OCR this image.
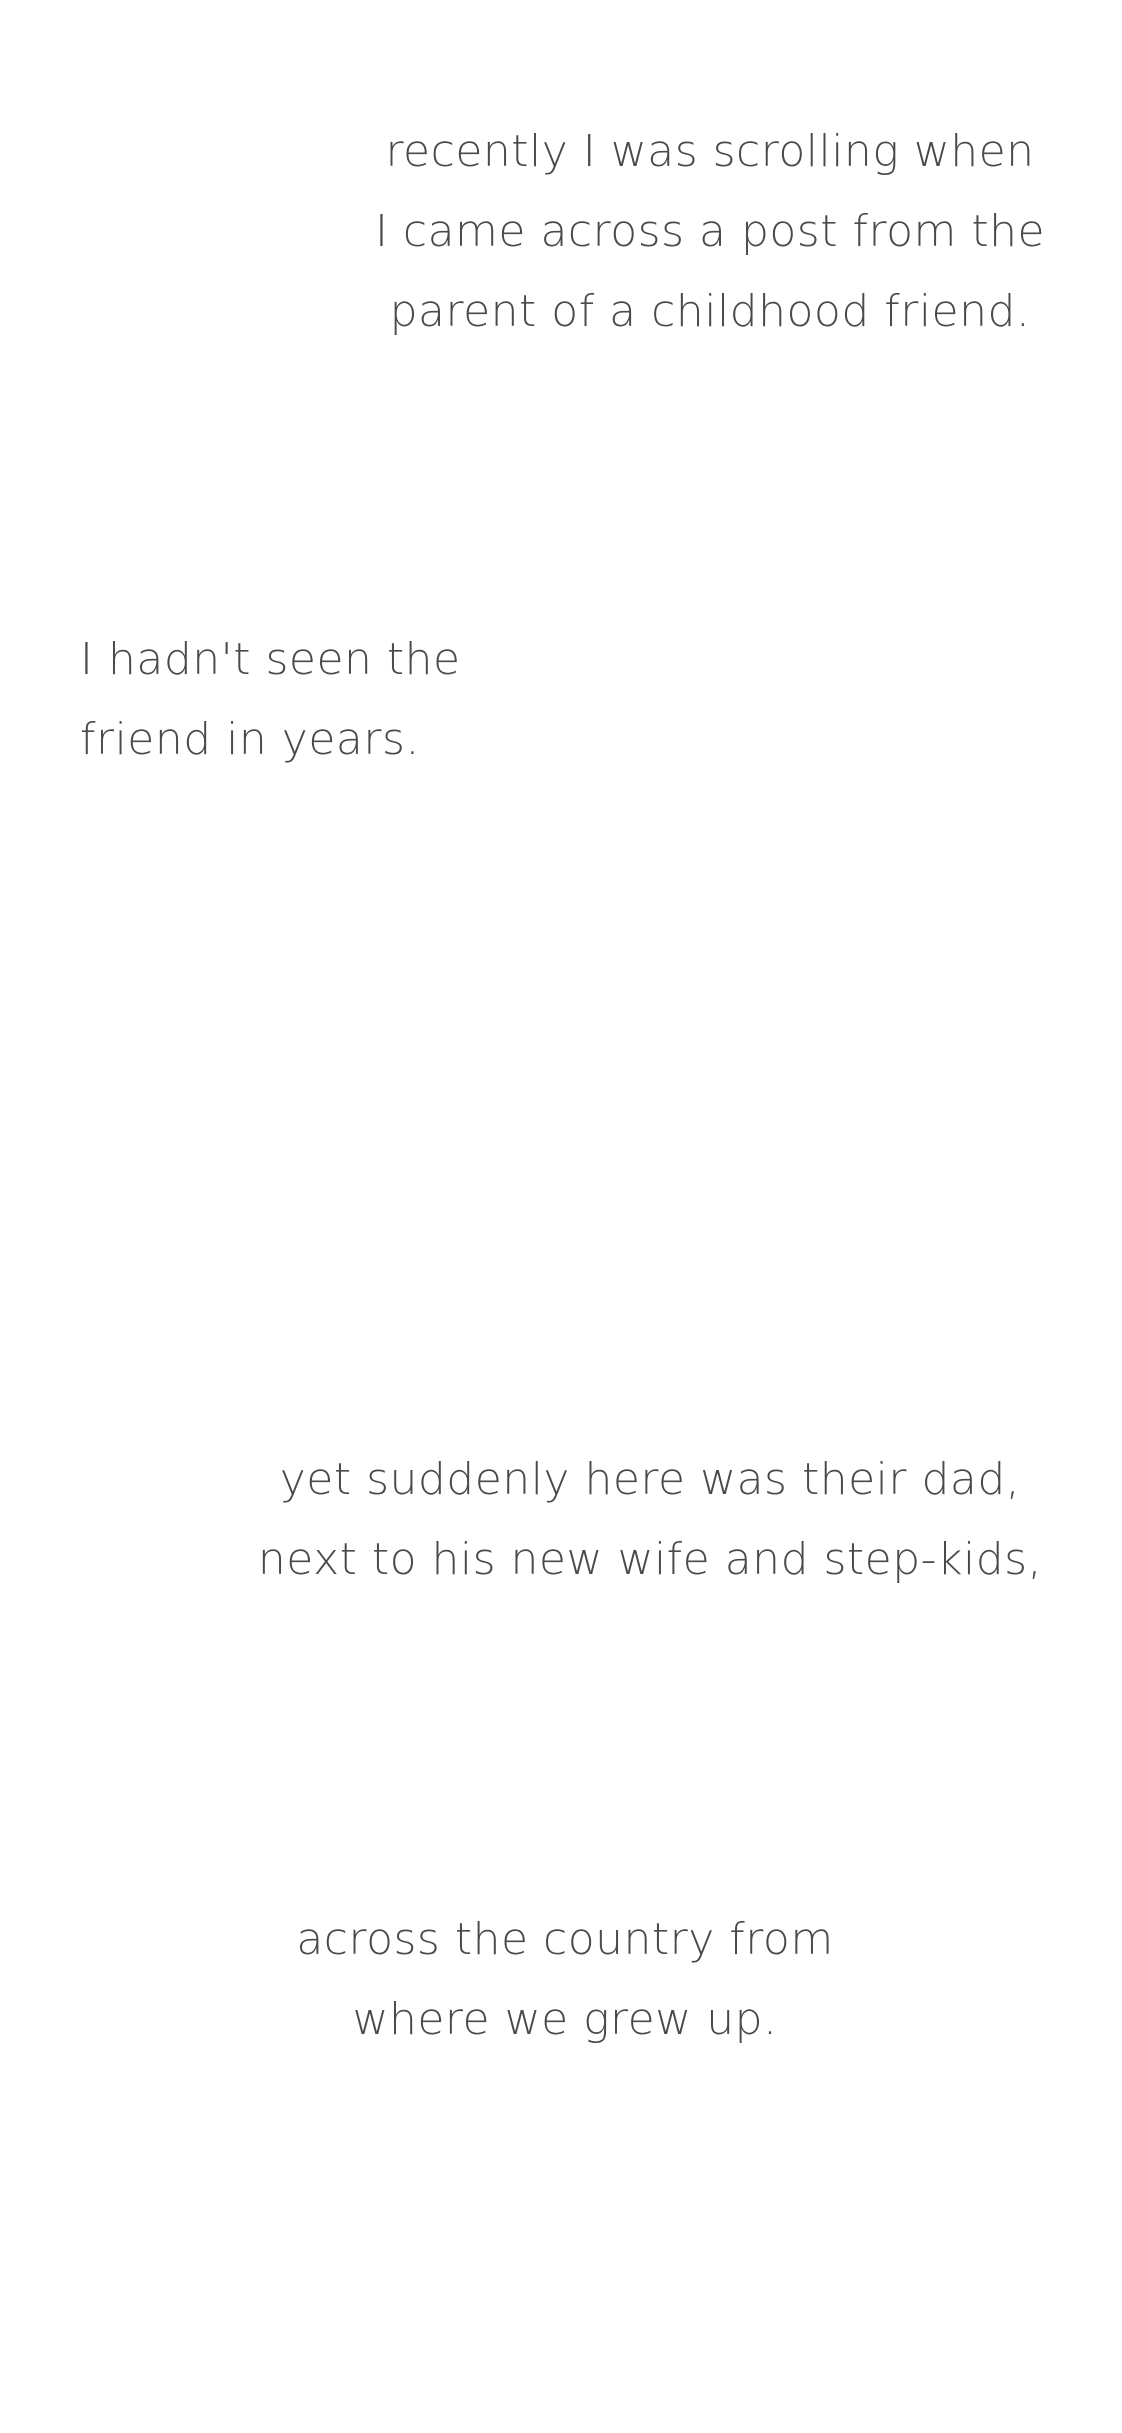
recently I was scrolling when
I came across a post from the
parent of a childhood friend.
I hadn't seen the
friend in years.
yet suddenly here was their dad,
next to his new wife and step-kids,
across the country from
where we grew up.
